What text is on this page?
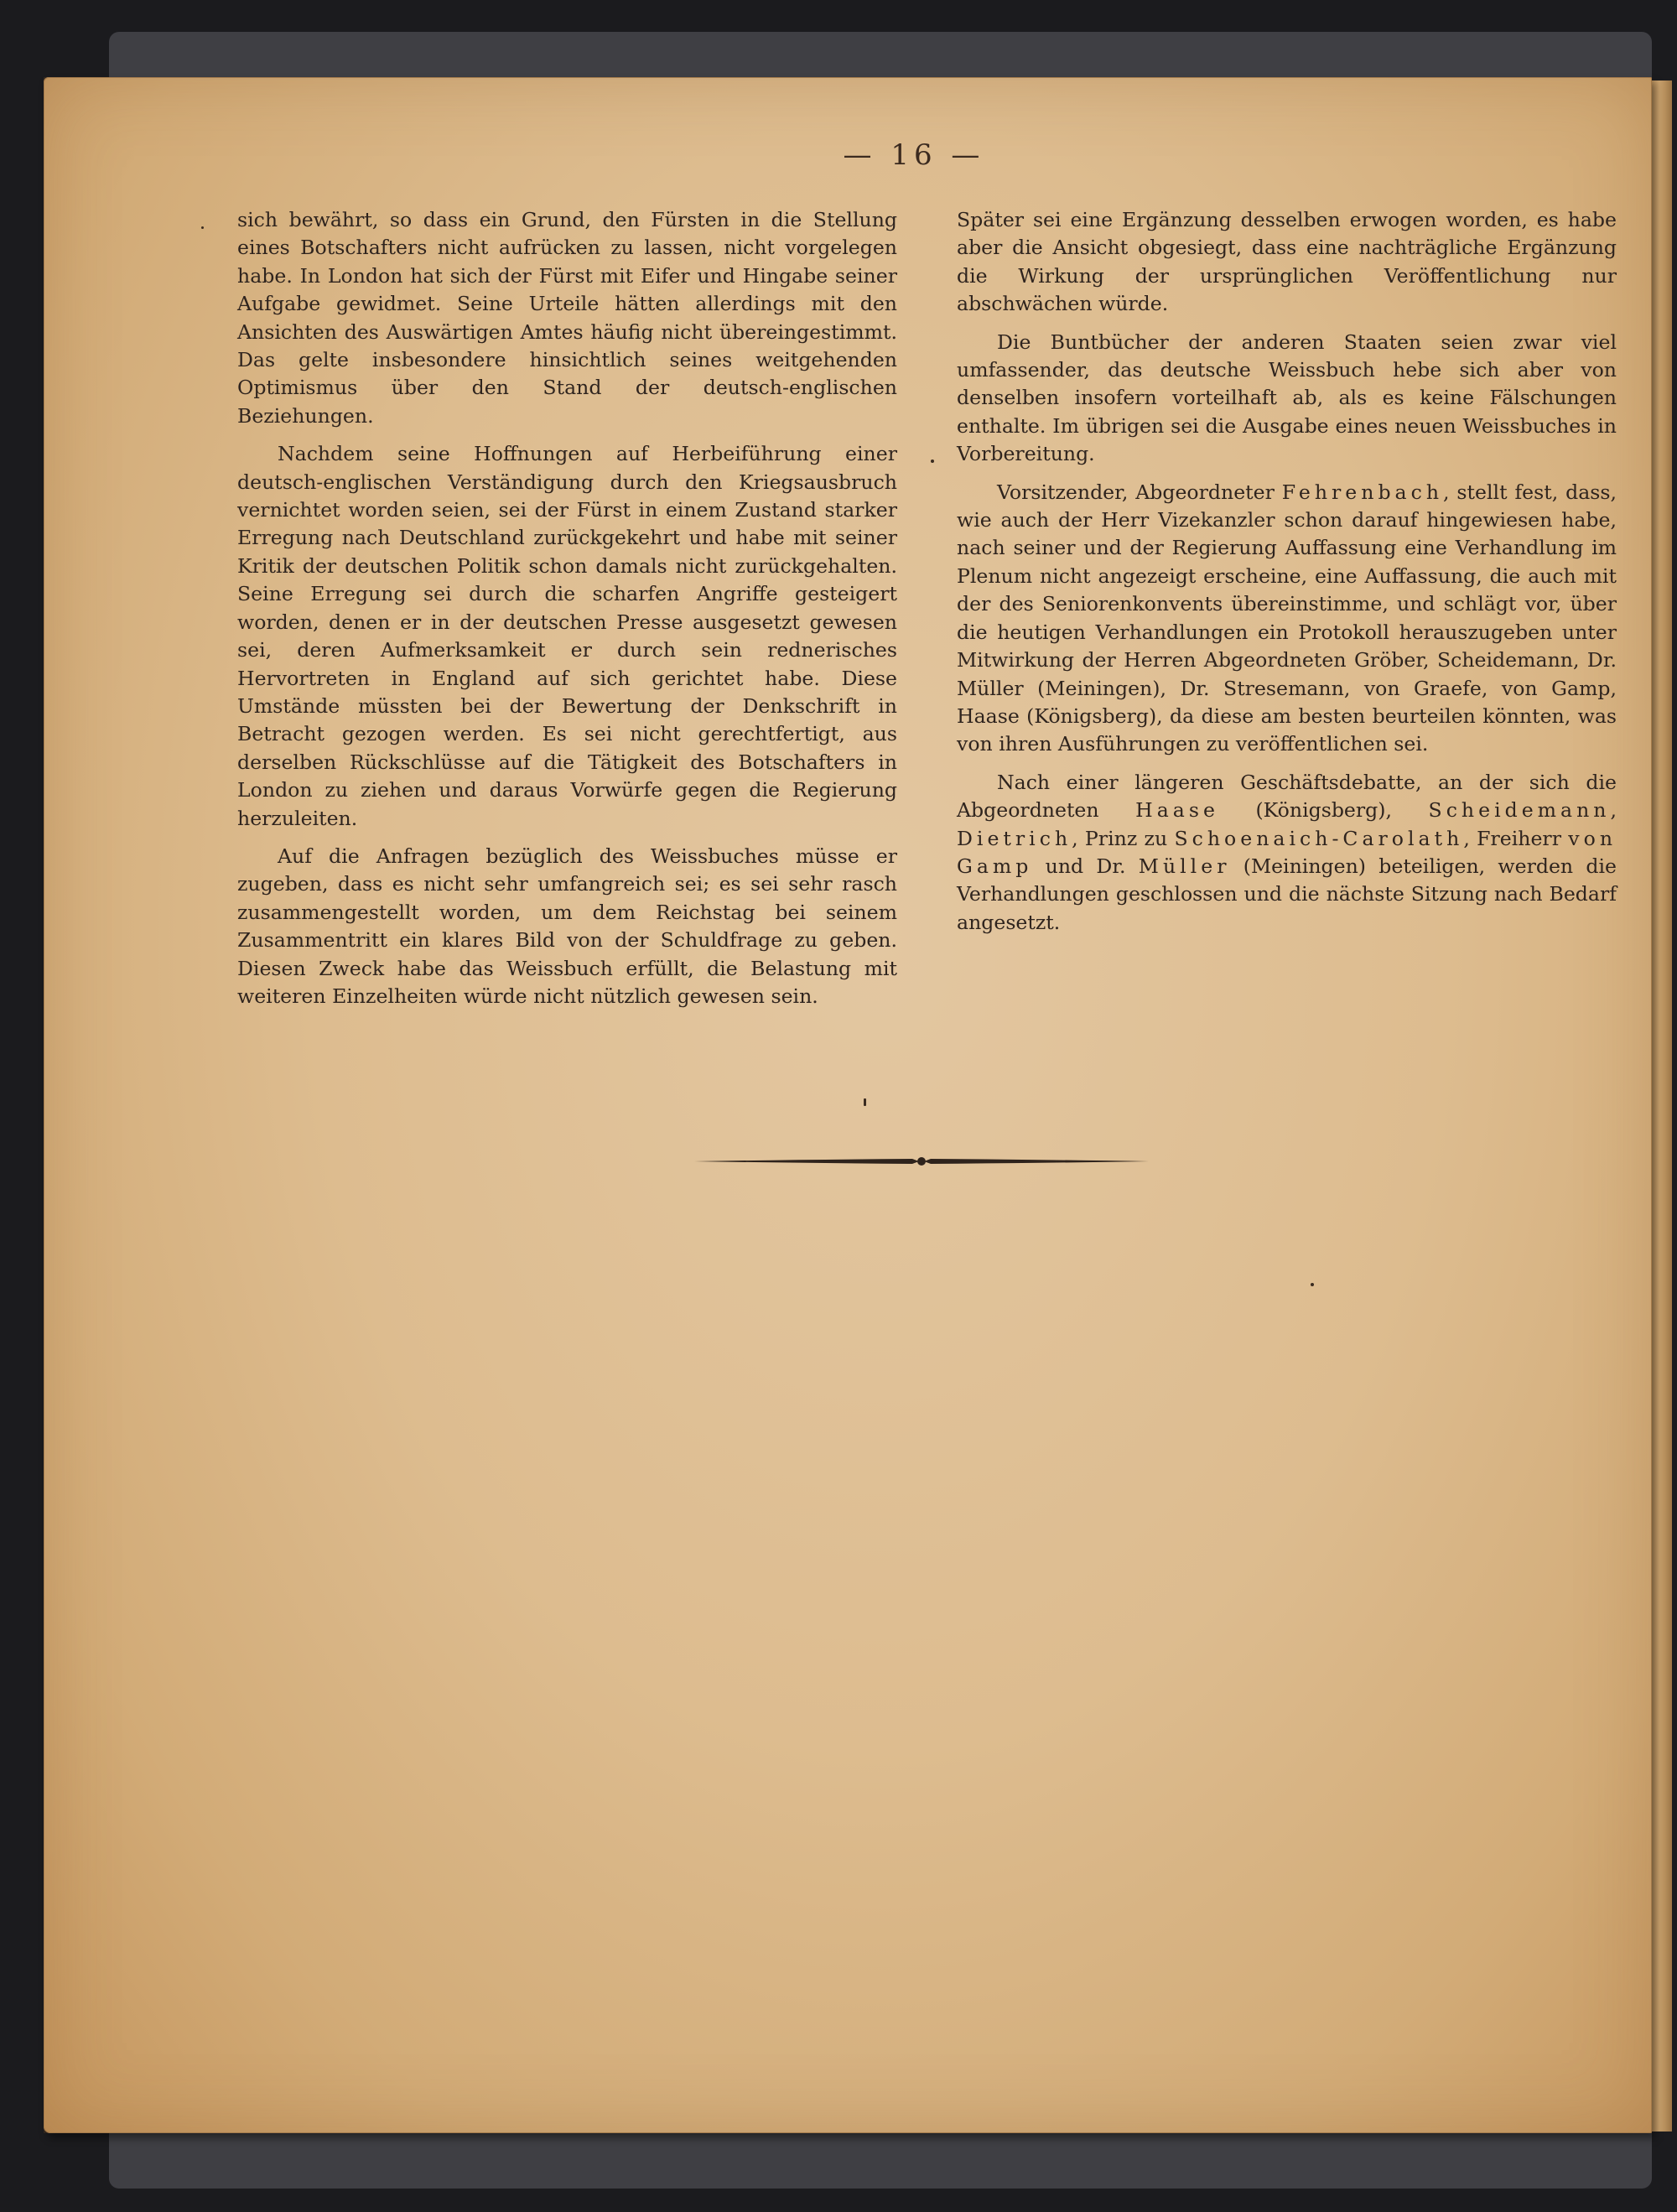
— 16 —

sich bewährt, so dass ein Grund, den Fürsten in die Stellung eines Botschafters nicht aufrücken zu lassen, nicht vorgelegen habe. In London hat sich der Fürst mit Eifer und Hingabe seiner Aufgabe gewidmet. Seine Urteile hätten allerdings mit den Ansichten des Auswärtigen Amtes häufig nicht übereingestimmt. Das gelte insbesondere hinsichtlich seines weitgehenden Optimismus über den Stand der deutsch-englischen Beziehungen.

Nachdem seine Hoffnungen auf Herbeiführung einer deutsch-englischen Verständigung durch den Kriegsausbruch vernichtet worden seien, sei der Fürst in einem Zustand starker Erregung nach Deutschland zurückgekehrt und habe mit seiner Kritik der deutschen Politik schon damals nicht zurückgehalten. Seine Erregung sei durch die scharfen Angriffe gesteigert worden, denen er in der deutschen Presse ausgesetzt gewesen sei, deren Aufmerksamkeit er durch sein rednerisches Hervortreten in England auf sich gerichtet habe. Diese Umstände müssten bei der Bewertung der Denkschrift in Betracht gezogen werden. Es sei nicht gerechtfertigt, aus derselben Rückschlüsse auf die Tätigkeit des Botschafters in London zu ziehen und daraus Vorwürfe gegen die Regierung herzuleiten.

Auf die Anfragen bezüglich des Weissbuches müsse er zugeben, dass es nicht sehr umfangreich sei; es sei sehr rasch zusammengestellt worden, um dem Reichstag bei seinem Zusammentritt ein klares Bild von der Schuldfrage zu geben. Diesen Zweck habe das Weissbuch erfüllt, die Belastung mit weiteren Einzelheiten würde nicht nützlich gewesen sein.

Später sei eine Ergänzung desselben erwogen worden, es habe aber die Ansicht obgesiegt, dass eine nachträgliche Ergänzung die Wirkung der ursprünglichen Veröffentlichung nur abschwächen würde.

Die Buntbücher der anderen Staaten seien zwar viel umfassender, das deutsche Weissbuch hebe sich aber von denselben insofern vorteilhaft ab, als es keine Fälschungen enthalte. Im übrigen sei die Ausgabe eines neuen Weissbuches in Vorbereitung.

Vorsitzender, Abgeordneter Fehrenbach, stellt fest, dass, wie auch der Herr Vizekanzler schon darauf hingewiesen habe, nach seiner und der Regierung Auffassung eine Verhandlung im Plenum nicht angezeigt erscheine, eine Auffassung, die auch mit der des Seniorenkonvents übereinstimme, und schlägt vor, über die heutigen Verhandlungen ein Protokoll herauszugeben unter Mitwirkung der Herren Abgeordneten Gröber, Scheidemann, Dr. Müller (Meiningen), Dr. Stresemann, von Graefe, von Gamp, Haase (Königsberg), da diese am besten beurteilen könnten, was von ihren Ausführungen zu veröffentlichen sei.

Nach einer längeren Geschäftsdebatte, an der sich die Abgeordneten Haase (Königsberg), Scheidemann, Dietrich, Prinz zu Schoenaich-Carolath, Freiherr von Gamp und Dr. Müller (Meiningen) beteiligen, werden die Verhandlungen geschlossen und die nächste Sitzung nach Bedarf angesetzt.
